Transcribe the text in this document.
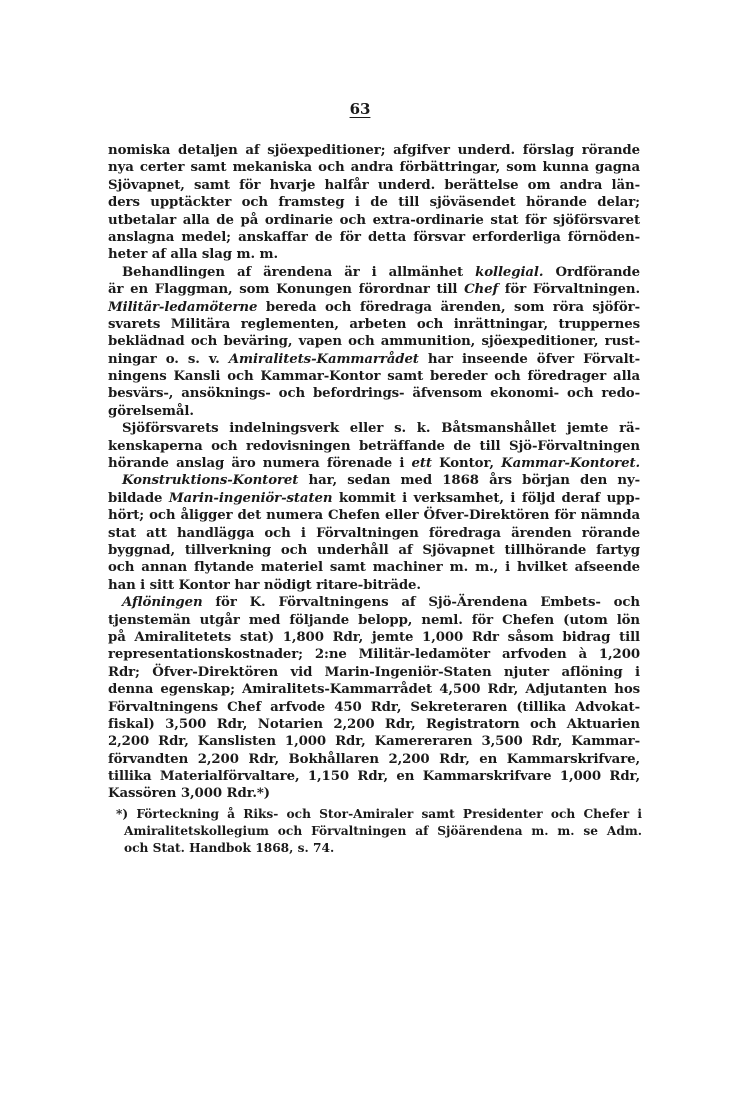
63
nomiska detaljen af sjöexpeditioner; afgifver underd. förslag rörande
nya certer samt mekaniska och andra förbättringar, som kunna gagna
Sjövapnet, samt för hvarje halfår underd. berättelse om andra län-
ders upptäckter och framsteg i de till sjöväsendet hörande delar;
utbetalar alla de på ordinarie och extra-ordinarie stat för sjöförsvaret
anslagna medel; anskaffar de för detta försvar erforderliga förnöden-
heter af alla slag m. m.
Behandlingen af ärendena är i allmänhet kollegial. Ordförande
är en Flaggman, som Konungen förordnar till Chef för Förvaltningen.
Militär-ledamöterne bereda och föredraga ärenden, som röra sjöför-
svarets Militära reglementen, arbeten och inrättningar, truppernes
beklädnad och beväring, vapen och ammunition, sjöexpeditioner, rust-
ningar o. s. v. Amiralitets-Kammarrådet har inseende öfver Förvalt-
ningens Kansli och Kammar-Kontor samt bereder och föredrager alla
besvärs-, ansöknings- och befordrings- äfvensom ekonomi- och redo-
görelsemål.
Sjöförsvarets indelningsverk eller s. k. Båtsmanshållet jemte rä-
kenskaperna och redovisningen beträffande de till Sjö-Förvaltningen
hörande anslag äro numera förenade i ett Kontor, Kammar-Kontoret.
Konstruktions-Kontoret har, sedan med 1868 års början den ny-
bildade Marin-ingeniör-staten kommit i verksamhet, i följd deraf upp-
hört; och åligger det numera Chefen eller Öfver-Direktören för nämnda
stat att handlägga och i Förvaltningen föredraga ärenden rörande
byggnad, tillverkning och underhåll af Sjövapnet tillhörande fartyg
och annan flytande materiel samt machiner m. m., i hvilket afseende
han i sitt Kontor har nödigt ritare-biträde.
Aflöningen för K. Förvaltningens af Sjö-Ärendena Embets- och
tjenstemän utgår med följande belopp, neml. för Chefen (utom lön
på Amiralitetets stat) 1,800 Rdr, jemte 1,000 Rdr såsom bidrag till
representationskostnader; 2:ne Militär-ledamöter arfvoden à 1,200
Rdr; Öfver-Direktören vid Marin-Ingeniör-Staten njuter aflöning i
denna egenskap; Amiralitets-Kammarrådet 4,500 Rdr, Adjutanten hos
Förvaltningens Chef arfvode 450 Rdr, Sekreteraren (tillika Advokat-
fiskal) 3,500 Rdr, Notarien 2,200 Rdr, Registratorn och Aktuarien
2,200 Rdr, Kanslisten 1,000 Rdr, Kamereraren 3,500 Rdr, Kammar-
förvandten 2,200 Rdr, Bokhållaren 2,200 Rdr, en Kammarskrifvare,
tillika Materialförvaltare, 1,150 Rdr, en Kammarskrifvare 1,000 Rdr,
Kassören 3,000 Rdr.*)
*) Förteckning å Riks- och Stor-Amiraler samt Presidenter och Chefer i
Amiralitetskollegium och Förvaltningen af Sjöärendena m. m. se Adm.
och Stat. Handbok 1868, s. 74.
